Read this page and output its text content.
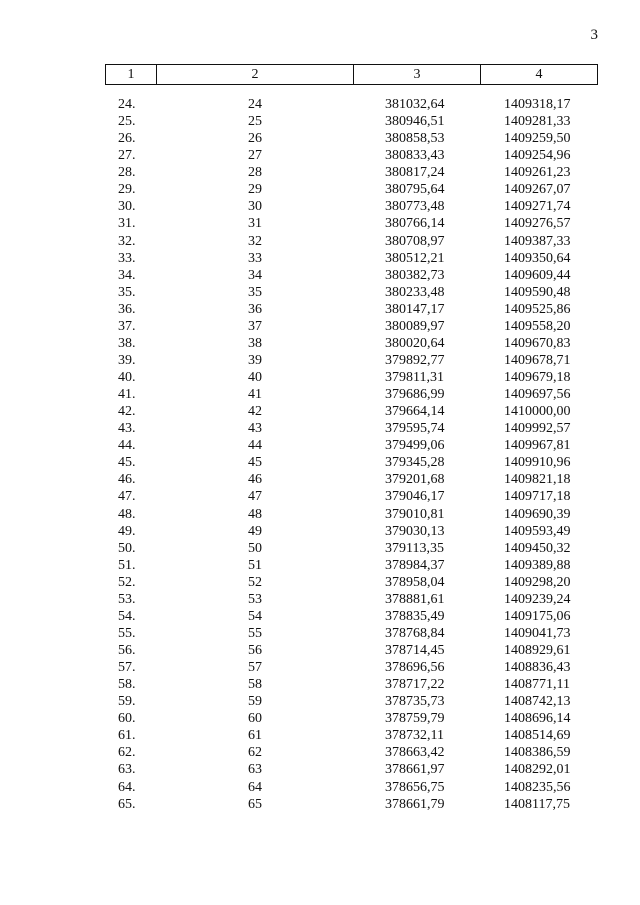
3
1	2	3	4
24.	24	381032,64	1409318,17
25.	25	380946,51	1409281,33
26.	26	380858,53	1409259,50
27.	27	380833,43	1409254,96
28.	28	380817,24	1409261,23
29.	29	380795,64	1409267,07
30.	30	380773,48	1409271,74
31.	31	380766,14	1409276,57
32.	32	380708,97	1409387,33
33.	33	380512,21	1409350,64
34.	34	380382,73	1409609,44
35.	35	380233,48	1409590,48
36.	36	380147,17	1409525,86
37.	37	380089,97	1409558,20
38.	38	380020,64	1409670,83
39.	39	379892,77	1409678,71
40.	40	379811,31	1409679,18
41.	41	379686,99	1409697,56
42.	42	379664,14	1410000,00
43.	43	379595,74	1409992,57
44.	44	379499,06	1409967,81
45.	45	379345,28	1409910,96
46.	46	379201,68	1409821,18
47.	47	379046,17	1409717,18
48.	48	379010,81	1409690,39
49.	49	379030,13	1409593,49
50.	50	379113,35	1409450,32
51.	51	378984,37	1409389,88
52.	52	378958,04	1409298,20
53.	53	378881,61	1409239,24
54.	54	378835,49	1409175,06
55.	55	378768,84	1409041,73
56.	56	378714,45	1408929,61
57.	57	378696,56	1408836,43
58.	58	378717,22	1408771,11
59.	59	378735,73	1408742,13
60.	60	378759,79	1408696,14
61.	61	378732,11	1408514,69
62.	62	378663,42	1408386,59
63.	63	378661,97	1408292,01
64.	64	378656,75	1408235,56
65.	65	378661,79	1408117,75
